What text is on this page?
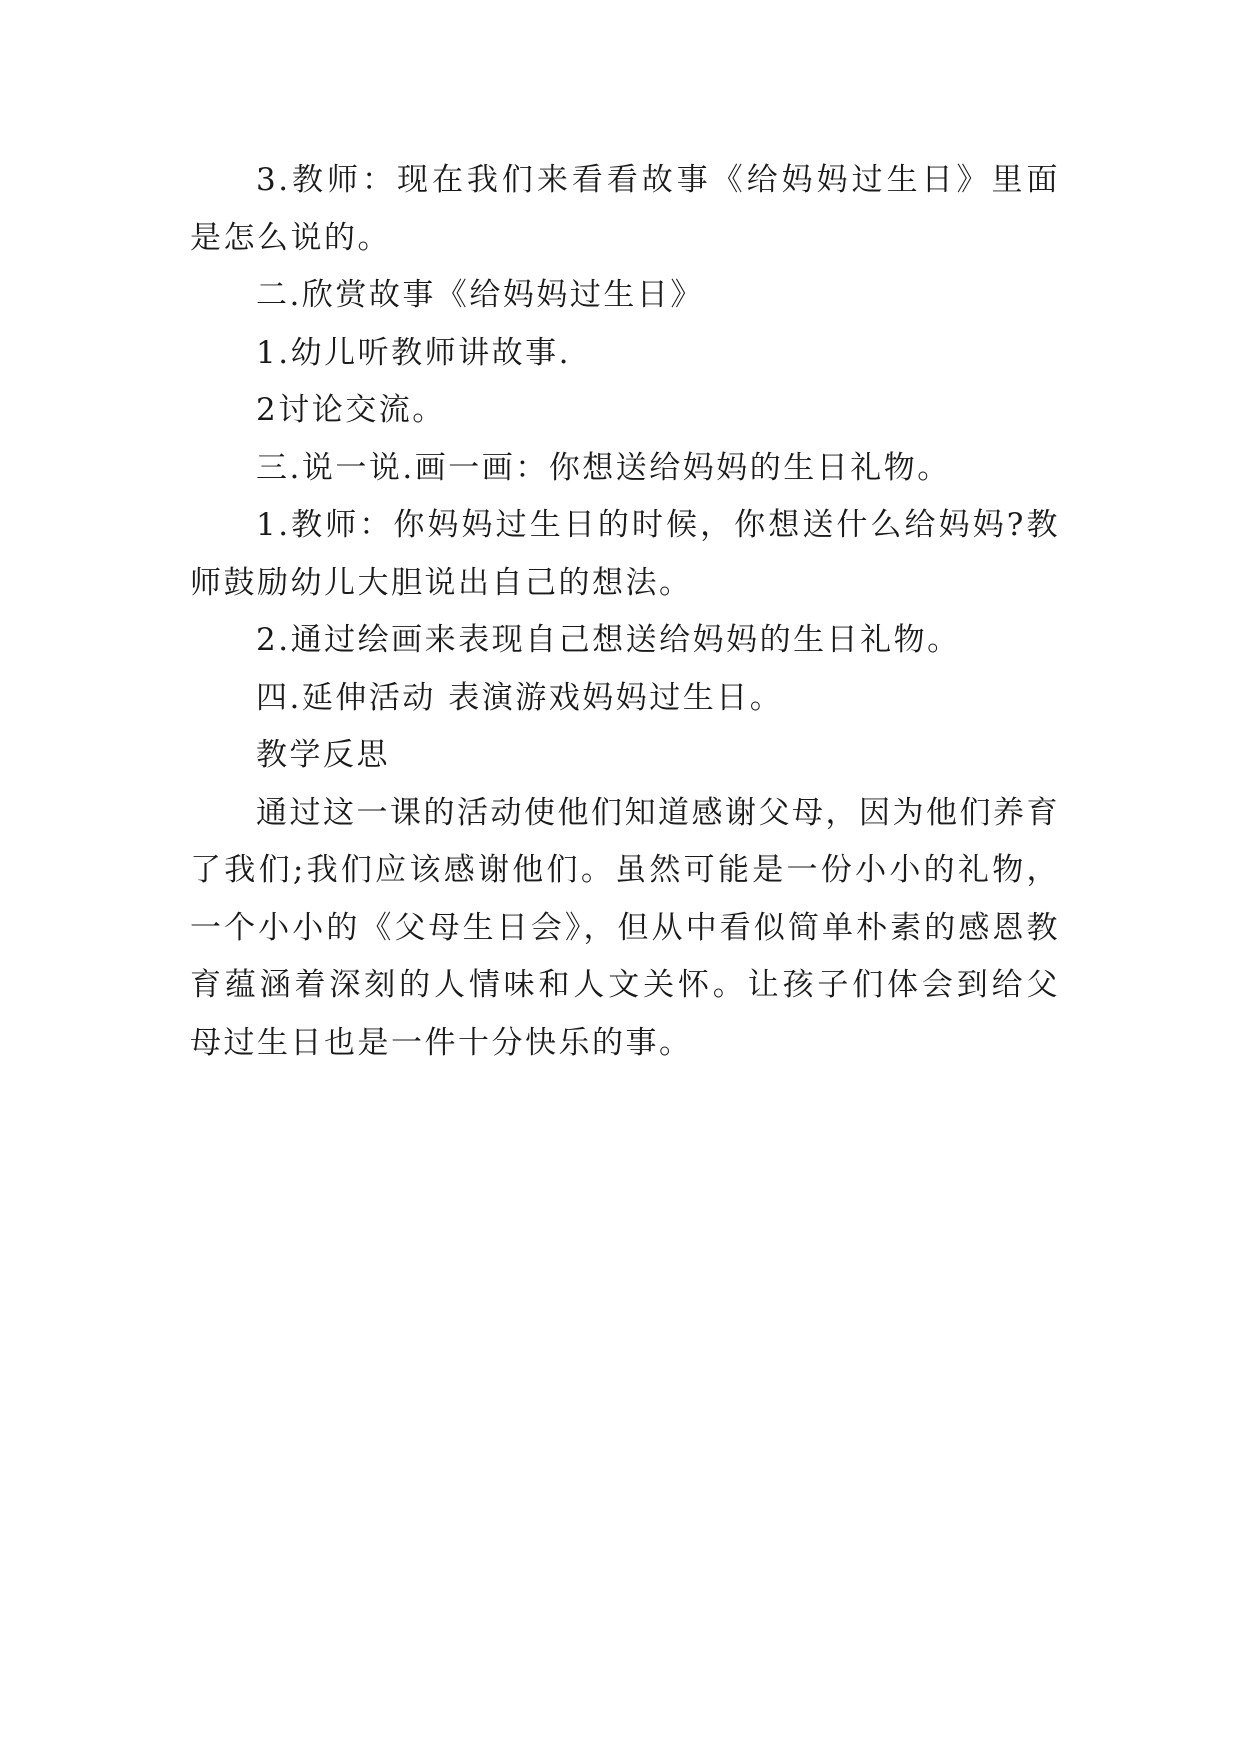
3.教师：现在我们来看看故事《给妈妈过生日》里面是怎么说的。

二.欣赏故事《给妈妈过生日》

1.幼儿听教师讲故事.

2讨论交流。

三.说一说.画一画：你想送给妈妈的生日礼物。

1.教师：你妈妈过生日的时候，你想送什么给妈妈?教师鼓励幼儿大胆说出自己的想法。

2.通过绘画来表现自己想送给妈妈的生日礼物。

四.延伸活动 表演游戏妈妈过生日。

教学反思

通过这一课的活动使他们知道感谢父母，因为他们养育了我们;我们应该感谢他们。虽然可能是一份小小的礼物，一个小小的《父母生日会》，但从中看似简单朴素的感恩教育蕴涵着深刻的人情味和人文关怀。让孩子们体会到给父母过生日也是一件十分快乐的事。
